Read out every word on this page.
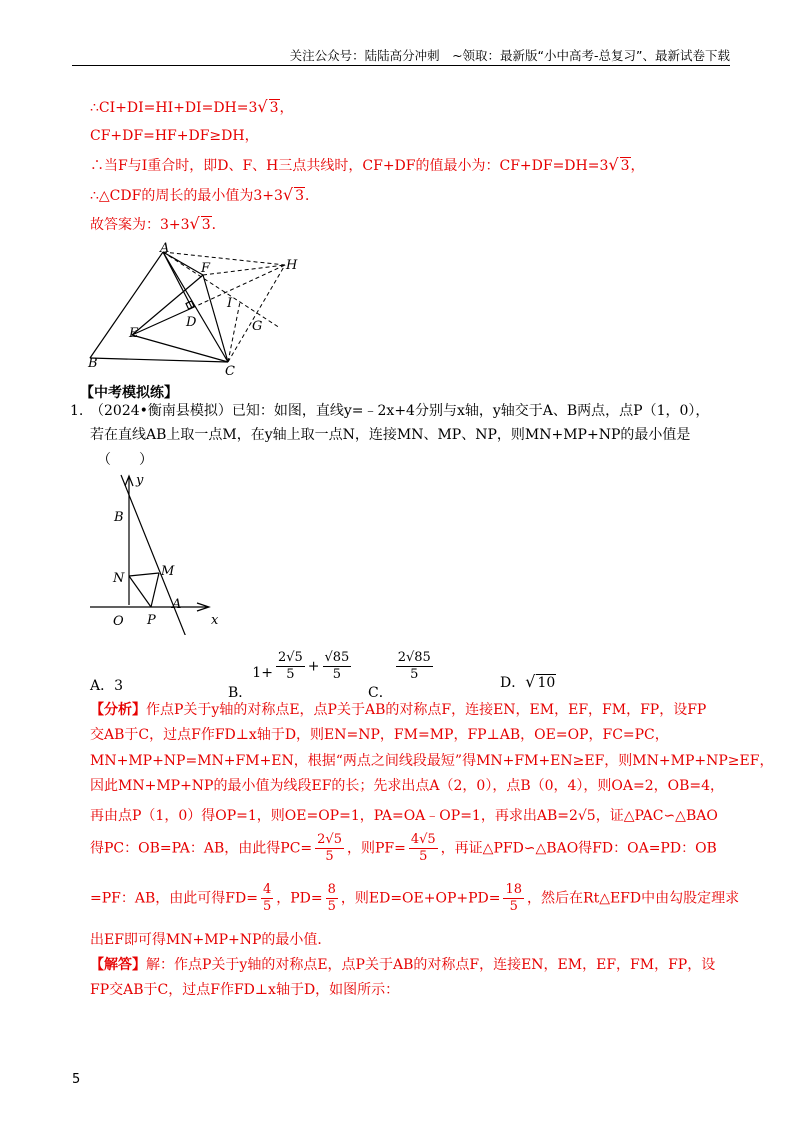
关注公众号：陆陆高分冲刺　~领取：最新版“小中高考-总复习”、最新试卷下载
∴CI+DI=HI+DI=DH=3√ 3，
CF+DF=HF+DF≥DH，
∴当F与I重合时，即D、F、H三点共线时，CF+DF的值最小为：CF+DF=DH=3√ 3，
∴△CDF的周长的最小值为3+3√ 3．
故答案为：3+3√ 3．
A
F	H
D
I
G
E
B
C
【中考模拟练】
1. （2024•衡南县模拟）已知：如图，直线y=﹣2x+4分别与x轴，y轴交于A、B两点，点P（1，0），
若在直线AB上取一点M，在y轴上取一点N，连接MN、MP、NP，则MN+MP+NP的最小值是
（　　）
y
B
N	M
A
O P	x
A．3	B．$1+ \frac{2√5}{5} + \frac{√85}{5}$
C．
$\frac{2√85}{5}$	D．√ 10
【分析】作点P关于y轴的对称点E，点P关于AB的对称点F，连接EN，EM，EF，FM，FP，设FP
交AB于C，过点F作FD⊥x轴于D，则EN=NP，FM=MP，FP⊥AB，OE=OP，FC=PC，
MN+MP+NP=MN+FM+EN，根据“两点之间线段最短”得MN+FM+EN≥EF，则MN+MP+NP≥EF，
因此MN+MP+NP的最小值为线段EF的长；先求出点A（2，0），点B（0，4），则OA=2，OB=4，
再由点P（1，0）得OP=1，则OE=OP=1，PA=OA﹣OP=1，再求出AB=2√5，证△PAC∽△BAO
得PC：OB=PA：AB，由此得$PC= \frac{2√5}{5}$ ，则$PF= \frac{4√5}{5}$ ，再证△PFD∽△BAO得FD：OA=PD：OB
=PF：AB，由此可得$FD= \frac{4}{5}$ ，$PD= \frac{8}{5}$ ，则$ED=OE+OP+PD= \frac{18}{5}$ ，然后在Rt△EFD中由勾股定理求
出EF即可得MN+MP+NP的最小值．
【解答】解：作点P关于y轴的对称点E，点P关于AB的对称点F，连接EN，EM，EF，FM，FP，设
FP交AB于C，过点F作FD⊥x轴于D，如图所示：
5
